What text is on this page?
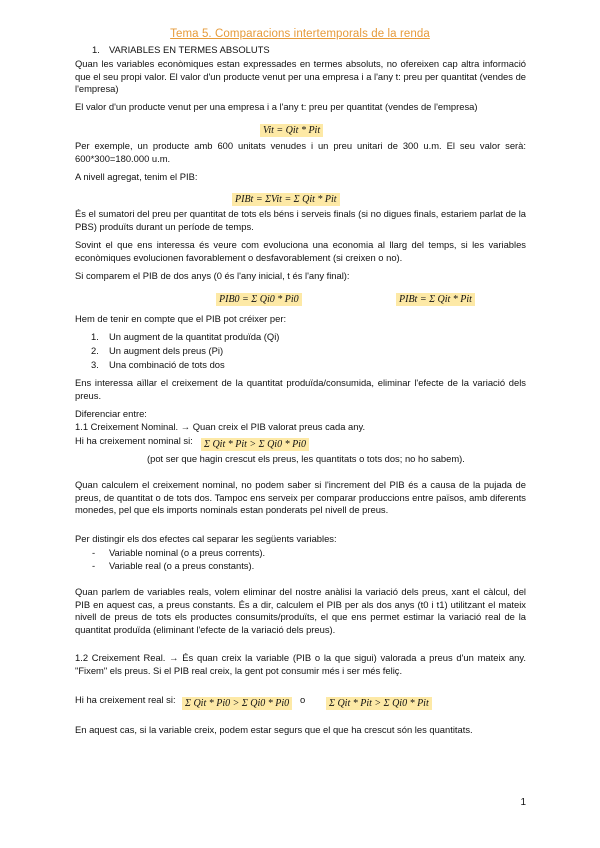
Tema 5. Comparacions intertemporals de la renda
1. VARIABLES EN TERMES ABSOLUTS
Quan les variables econòmiques estan expressades en termes absoluts, no ofereixen cap altra informació que el seu propi valor. El valor d'un producte venut per una empresa i a l'any t: preu per quantitat (vendes de l'empresa)
El valor d'un producte venut per una empresa i a l'any t: preu per quantitat (vendes de l'empresa)
Vit = Qit * Pit
Per exemple, un producte amb 600 unitats venudes i un preu unitari de 300 u.m. El seu valor serà: 600*300=180.000 u.m.
A nivell agregat, tenim el PIB:
PIBt = ΣVit = Σ Qit * Pit
És el sumatori del preu per quantitat de tots els béns i serveis finals (si no digues finals, estariem parlat de la PBS) produïts durant un període de temps.
Sovint el que ens interessa és veure com evoluciona una economia al llarg del temps, si les variables econòmiques evolucionen favorablement o desfavorablement (si creixen o no).
Si comparem el PIB de dos anys (0 és l'any inicial, t és l'any final):
PIB0 = Σ Qi0 * Pi0	PIBt = Σ Qit * Pit
Hem de tenir en compte que el PIB pot créixer per:
1. Un augment de la quantitat produïda (Qi)
2. Un augment dels preus (Pi)
3. Una combinació de tots dos
Ens interessa aïllar el creixement de la quantitat produïda/consumida, eliminar l'efecte de la variació dels preus.
Diferenciar entre:
1.1 Creixement Nominal. → Quan creix el PIB valorat preus cada any.
Hi ha creixement nominal si:	Σ Qit * Pit > Σ Qi0 * Pi0
(pot ser que hagin crescut els preus, les quantitats o tots dos; no ho sabem).
Quan calculem el creixement nominal, no podem saber si l'increment del PIB és a causa de la pujada de preus, de quantitat o de tots dos. Tampoc ens serveix per comparar produccions entre països, amb diferents monedes, pel que els imports nominals estan ponderats pel nivell de preus.
Per distingir els dos efectes cal separar les següents variables:
- Variable nominal (o a preus corrents).
- Variable real (o a preus constants).
Quan parlem de variables reals, volem eliminar del nostre anàlisi la variació dels preus, xant el càlcul, del PIB en aquest cas, a preus constants. És a dir, calculem el PIB per als dos anys (t0 i t1) utilitzant el mateix nivell de preus de tots els productes consumits/produïts, el que ens permet estimar la variació real de la quantitat produïda (eliminant l'efecte de la variació dels preus).
1.2 Creixement Real. → És quan creix la variable (PIB o la que sigui) valorada a preus d'un mateix any. "Fixem" els preus. Si el PIB real creix, la gent pot consumir més i ser més feliç.
Hi ha creixement real si: Σ Qit * Pi0 > Σ Qi0 * Pi0	o	Σ Qit * Pit > Σ Qi0 * Pit
En aquest cas, si la variable creix, podem estar segurs que el que ha crescut són les quantitats.
1
